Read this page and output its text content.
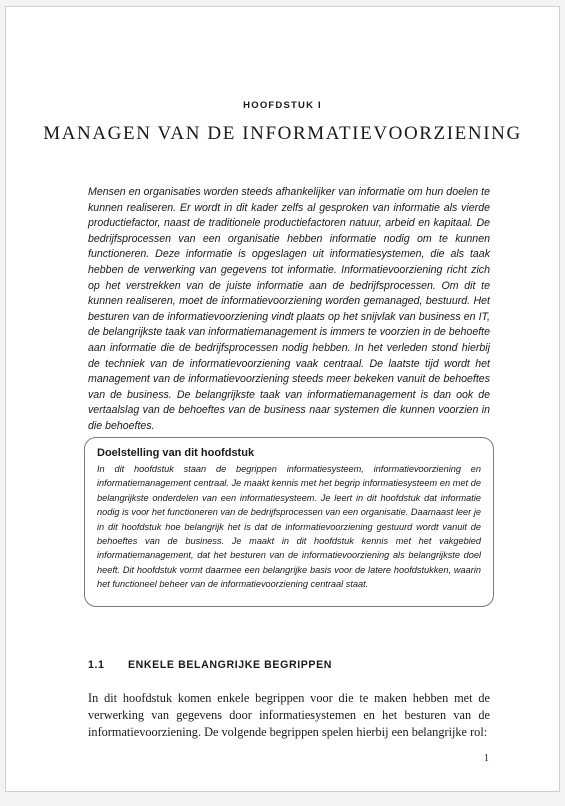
HOOFDSTUK I
MANAGEN VAN DE INFORMATIEVOORZIENING

Mensen en organisaties worden steeds afhankelijker van informatie om hun doelen te kunnen realiseren. Er wordt in dit kader zelfs al gesproken van informatie als vierde productiefactor, naast de traditionele productiefactoren natuur, arbeid en kapitaal. De bedrijfsprocessen van een organisatie hebben informatie nodig om te kunnen functioneren. Deze informatie is opgeslagen uit informatiesystemen, die als taak hebben de verwerking van gegevens tot informatie. Informatievoorziening richt zich op het verstrekken van de juiste informatie aan de bedrijfsprocessen. Om dit te kunnen realiseren, moet de informatievoorziening worden gemanaged, bestuurd. Het besturen van de informatievoorziening vindt plaats op het snijvlak van business en IT, de belangrijkste taak van informatiemanagement is immers te voorzien in de behoefte aan informatie die de bedrijfsprocessen nodig hebben. In het verleden stond hierbij de techniek van de informatievoorziening vaak centraal. De laatste tijd wordt het management van de informatievoorziening steeds meer bekeken vanuit de behoeftes van de business. De belangrijkste taak van informatiemanagement is dan ook de vertaalslag van de behoeftes van de business naar systemen die kunnen voorzien in die behoeftes.

Doelstelling van dit hoofdstuk

In dit hoofdstuk staan de begrippen informatiesysteem, informatievoorziening en informatiemanagement centraal. Je maakt kennis met het begrip informatiesysteem en met de belangrijkste onderdelen van een informatiesysteem. Je leert in dit hoofdstuk dat informatie nodig is voor het functioneren van de bedrijfsprocessen van een organisatie. Daarnaast leer je in dit hoofdstuk hoe belangrijk het is dat de informatievoorziening gestuurd wordt vanuit de behoeftes van de business. Je maakt in dit hoofdstuk kennis met het vakgebied informatiemanagement, dat het besturen van de informatievoorziening als belangrijkste doel heeft. Dit hoofdstuk vormt daarmee een belangrijke basis voor de latere hoofdstukken, waarin het functioneel beheer van de informatievoorziening centraal staat.

1.1 ENKELE BELANGRIJKE BEGRIPPEN

In dit hoofdstuk komen enkele begrippen voor die te maken hebben met de verwerking van gegevens door informatiesystemen en het besturen van de informatievoorziening. De volgende begrippen spelen hierbij een belangrijke rol:

1
